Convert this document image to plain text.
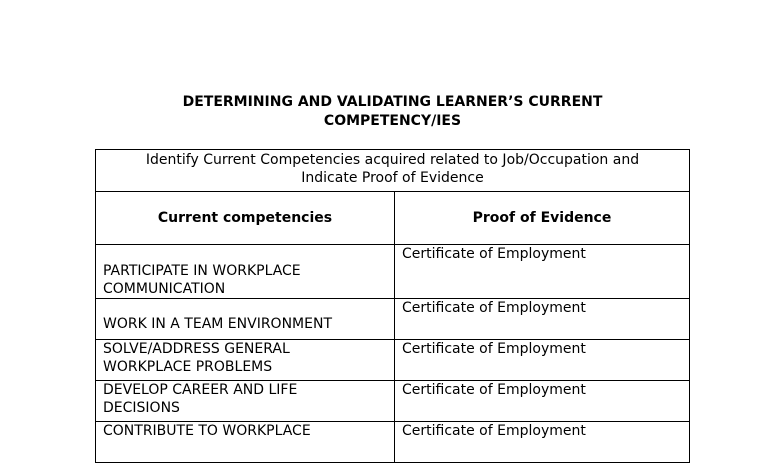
DETERMINING AND VALIDATING LEARNER’S CURRENT
COMPETENCY/IES
Identify Current Competencies acquired related to Job/Occupation and
Indicate Proof of Evidence	

Current competencies	Proof of Evidence

PARTICIPATE IN WORKPLACE
COMMUNICATION	Certificate of Employment

WORK IN A TEAM ENVIRONMENT	Certificate of Employment

SOLVE/ADDRESS GENERAL
WORKPLACE PROBLEMS	Certificate of Employment

DEVELOP CAREER AND LIFE
DECISIONS	Certificate of Employment

CONTRIBUTE TO WORKPLACE	Certificate of Employment
